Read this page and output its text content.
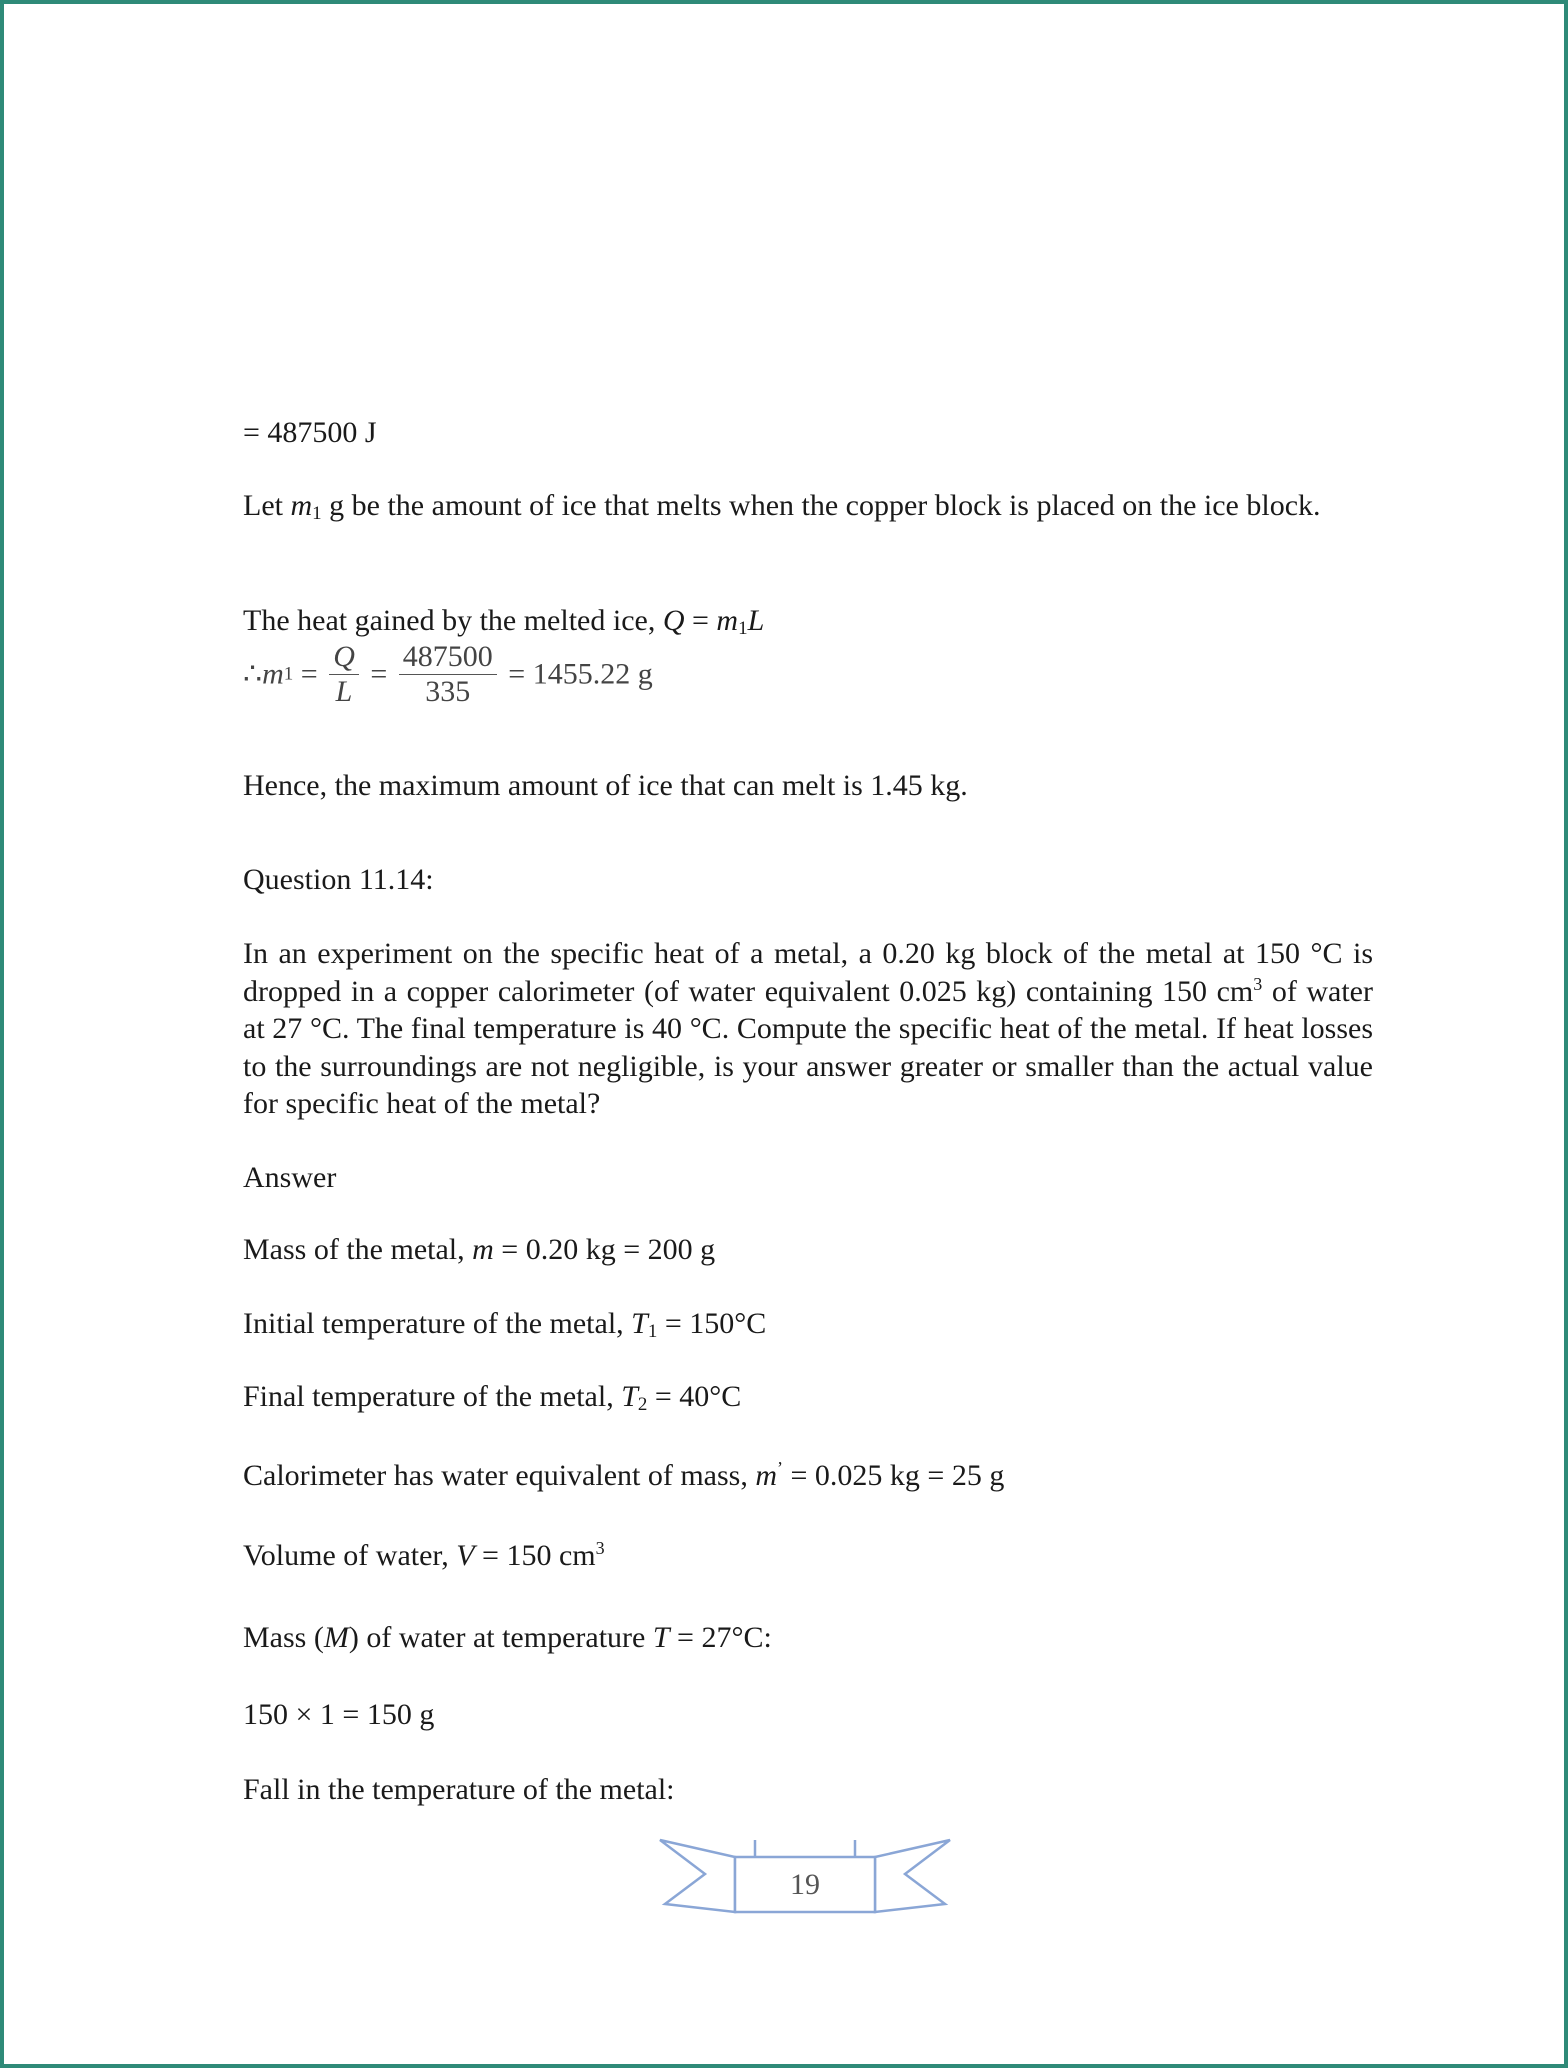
= 487500 J
Let $m_1$ g be the amount of ice that melts when the copper block is placed on the ice block.
The heat gained by the melted ice, $Q = m_1L$
∴m1 = $\frac{Q}{L} = \frac{487500}{335} = 1455.22$ g
Hence, the maximum amount of ice that can melt is 1.45 kg.
Question 11.14:
In an experiment on the specific heat of a metal, a 0.20 kg block of the metal at 150 °C is dropped in a copper calorimeter (of water equivalent 0.025 kg) containing 150 $cm^3$ of water at 27 °C. The final temperature is 40 °C. Compute the specific heat of the metal. If heat losses to the surroundings are not negligible, is your answer greater or smaller than the actual value for specific heat of the metal?
Answer
Mass of the metal, m = 0.20 kg = 200 g
Initial temperature of the metal, $T_1 = 150^\circ C$
Final temperature of the metal, $T_2 = 40^\circ C$
Calorimeter has water equivalent of mass, m’ = 0.025 kg = 25 g
Volume of water, V = 150 $cm^3$
Mass (M) of water at temperature T = 27°C:
150 × 1 = 150 g
Fall in the temperature of the metal:
19
